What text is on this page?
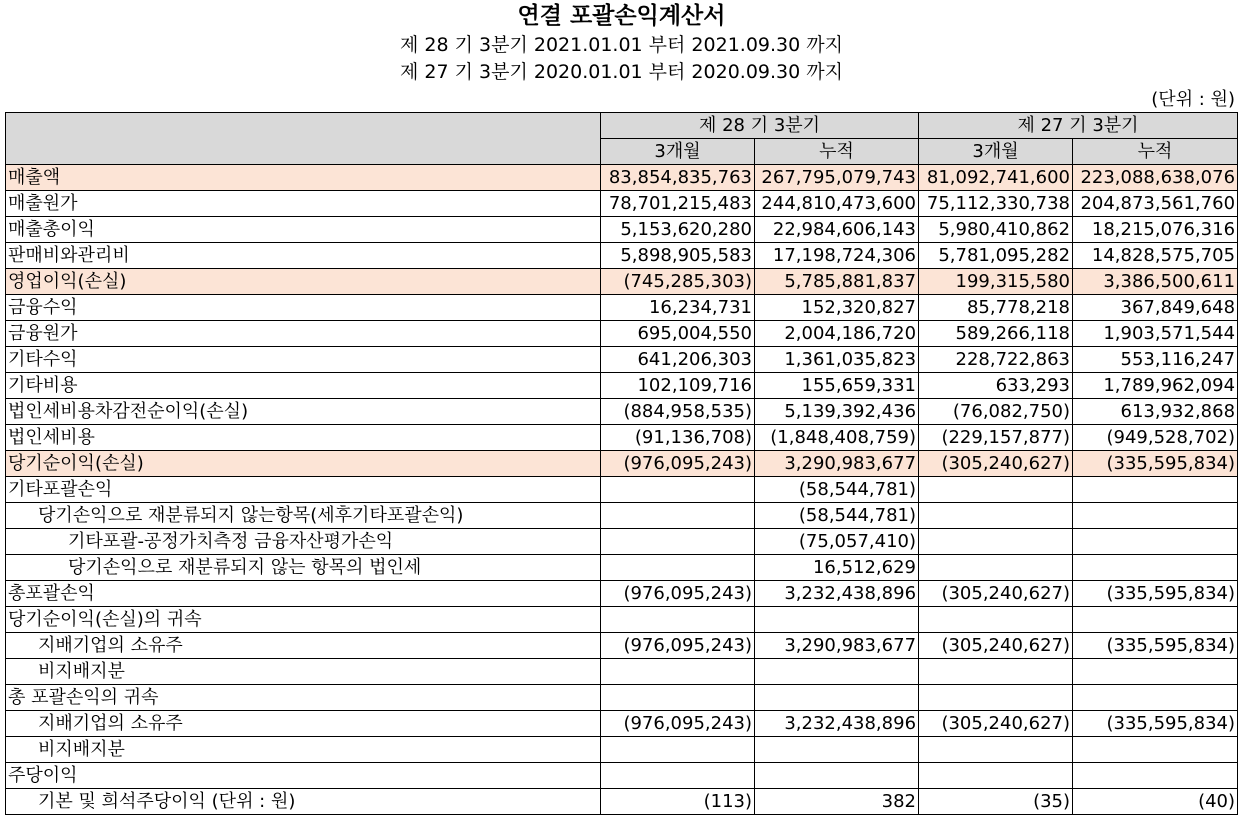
연결 포괄손익계산서
제 28 기 3분기 2021.01.01 부터 2021.09.30 까지
제 27 기 3분기 2020.01.01 부터 2020.09.30 까지
(단위 : 원)
	제 28 기 3분기		제 27 기 3분기	
	3개월	누적	3개월	누적
매출액	83,854,835,763	267,795,079,743	81,092,741,600	223,088,638,076
매출원가	78,701,215,483	244,810,473,600	75,112,330,738	204,873,561,760
매출총이익	5,153,620,280	22,984,606,143	5,980,410,862	18,215,076,316
판매비와관리비	5,898,905,583	17,198,724,306	5,781,095,282	14,828,575,705
영업이익(손실)	(745,285,303)	5,785,881,837	199,315,580	3,386,500,611
금융수익	16,234,731	152,320,827	85,778,218	367,849,648
금융원가	695,004,550	2,004,186,720	589,266,118	1,903,571,544
기타수익	641,206,303	1,361,035,823	228,722,863	553,116,247
기타비용	102,109,716	155,659,331	633,293	1,789,962,094
법인세비용차감전순이익(손실)	(884,958,535)	5,139,392,436	(76,082,750)	613,932,868
법인세비용	(91,136,708)	(1,848,408,759)	(229,157,877)	(949,528,702)
당기순이익(손실)	(976,095,243)	3,290,983,677	(305,240,627)	(335,595,834)
기타포괄손익		(58,544,781)		
당기손익으로 재분류되지 않는항목(세후기타포괄손익)		(58,544,781)		
기타포괄-공정가치측정 금융자산평가손익		(75,057,410)		
당기손익으로 재분류되지 않는 항목의 법인세		16,512,629		
총포괄손익	(976,095,243)	3,232,438,896	(305,240,627)	(335,595,834)
당기순이익(손실)의 귀속				
지배기업의 소유주	(976,095,243)	3,290,983,677	(305,240,627)	(335,595,834)
비지배지분				
총 포괄손익의 귀속				
지배기업의 소유주	(976,095,243)	3,232,438,896	(305,240,627)	(335,595,834)
비지배지분				
주당이익				
기본 및 희석주당이익 (단위 : 원)	(113)	382	(35)	(40)
